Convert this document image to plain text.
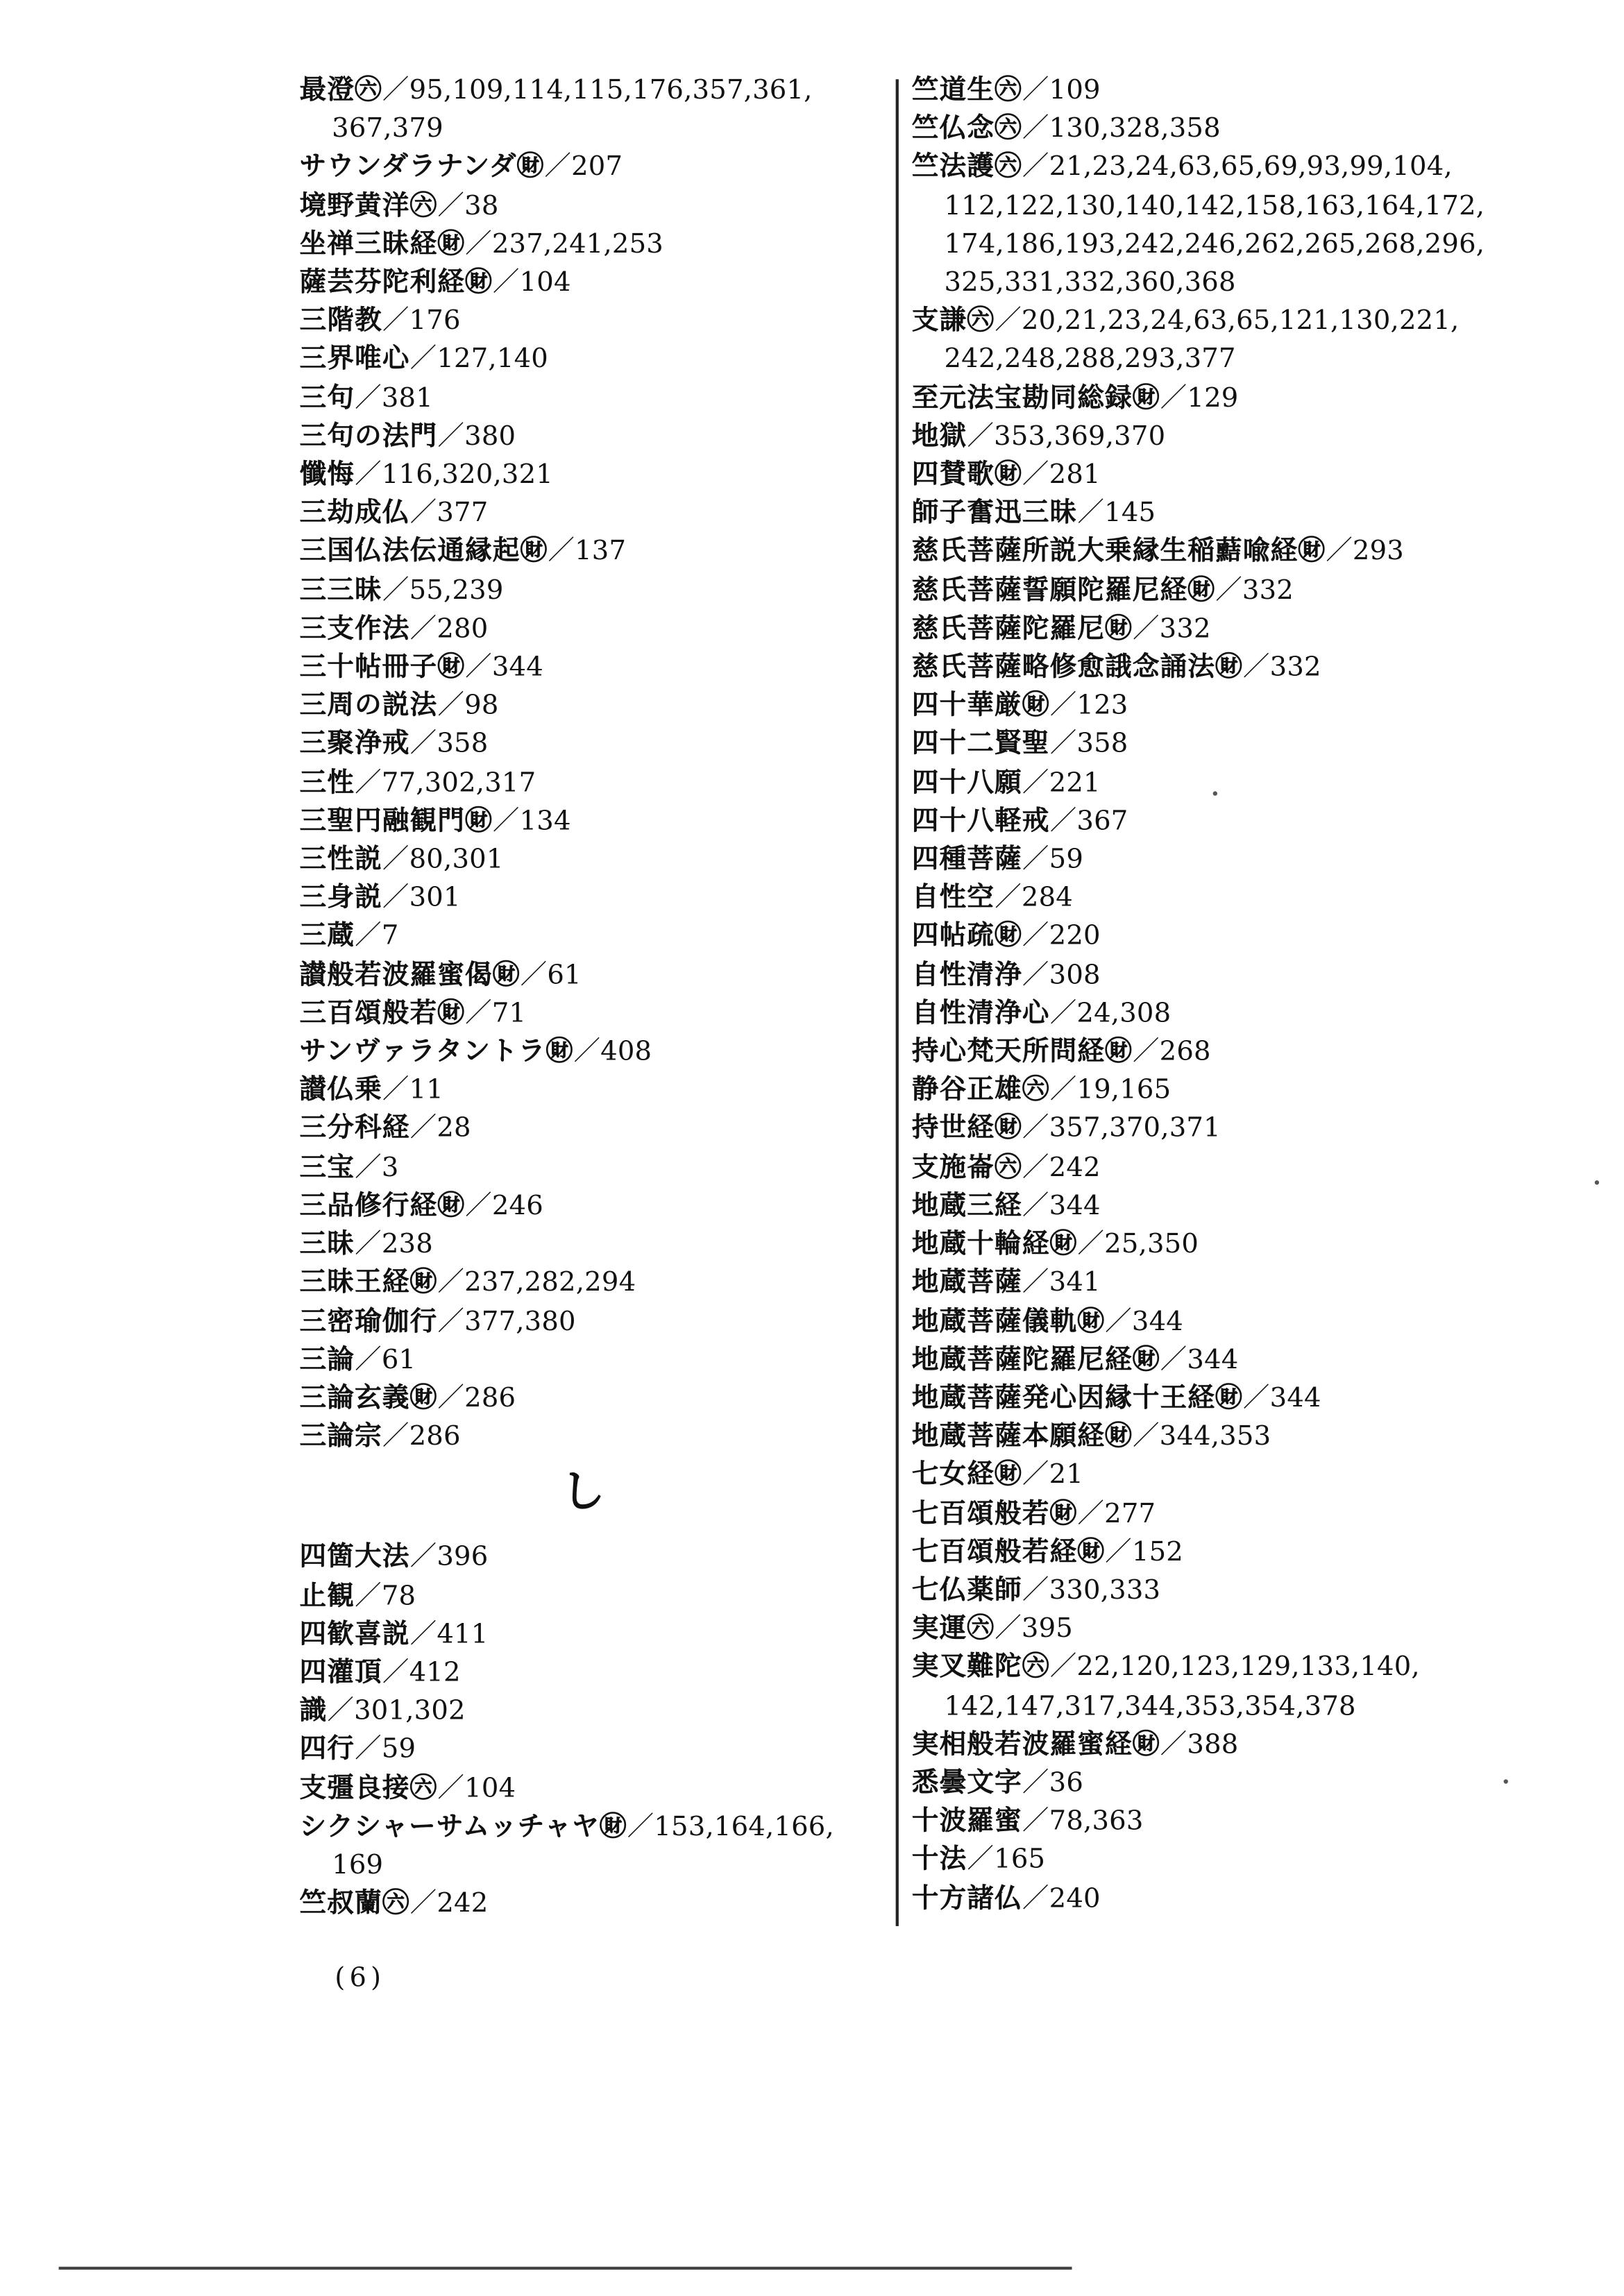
最澄㊅／95,109,114,115,176,357,361,
367,379
サウンダラナンダ㊖／207
境野黄洋㊅／38
坐禅三昧経㊖／237,241,253
薩芸芬陀利経㊖／104
三階教／176
三界唯心／127,140
三句／381
三句の法門／380
懺悔／116,320,321
三劫成仏／377
三国仏法伝通縁起㊖／137
三三昧／55,239
三支作法／280
三十帖冊子㊖／344
三周の説法／98
三聚浄戒／358
三性／77,302,317
三聖円融観門㊖／134
三性説／80,301
三身説／301
三蔵／7
讃般若波羅蜜偈㊖／61
三百頌般若㊖／71
サンヴァラタントラ㊖／408
讃仏乗／11
三分科経／28
三宝／3
三品修行経㊖／246
三昧／238
三昧王経㊖／237,282,294
三密瑜伽行／377,380
三論／61
三論玄義㊖／286
三論宗／286
し
四箇大法／396
止観／78
四歓喜説／411
四灌頂／412
識／301,302
四行／59
支彊良接㊅／104
シクシャーサムッチャヤ㊖／153,164,166,
169
竺叔蘭㊅／242
竺道生㊅／109
竺仏念㊅／130,328,358
竺法護㊅／21,23,24,63,65,69,93,99,104,
112,122,130,140,142,158,163,164,172,
174,186,193,242,246,262,265,268,296,
325,331,332,360,368
支謙㊅／20,21,23,24,63,65,121,130,221,
242,248,288,293,377
至元法宝勘同総録㊖／129
地獄／353,369,370
四賛歌㊖／281
師子奮迅三昧／145
慈氏菩薩所説大乗縁生稲䕸喩経㊖／293
慈氏菩薩誓願陀羅尼経㊖／332
慈氏菩薩陀羅尼㊖／332
慈氏菩薩略修愈誐念誦法㊖／332
四十華厳㊖／123
四十二賢聖／358
四十八願／221
四十八軽戒／367
四種菩薩／59
自性空／284
四帖疏㊖／220
自性清浄／308
自性清浄心／24,308
持心梵天所問経㊖／268
静谷正雄㊅／19,165
持世経㊖／357,370,371
支施崙㊅／242
地蔵三経／344
地蔵十輪経㊖／25,350
地蔵菩薩／341
地蔵菩薩儀軌㊖／344
地蔵菩薩陀羅尼経㊖／344
地蔵菩薩発心因縁十王経㊖／344
地蔵菩薩本願経㊖／344,353
七女経㊖／21
七百頌般若㊖／277
七百頌般若経㊖／152
七仏薬師／330,333
実運㊅／395
実叉難陀㊅／22,120,123,129,133,140,
142,147,317,344,353,354,378
実相般若波羅蜜経㊖／388
悉曇文字／36
十波羅蜜／78,363
十法／165
十方諸仏／240
(6)
